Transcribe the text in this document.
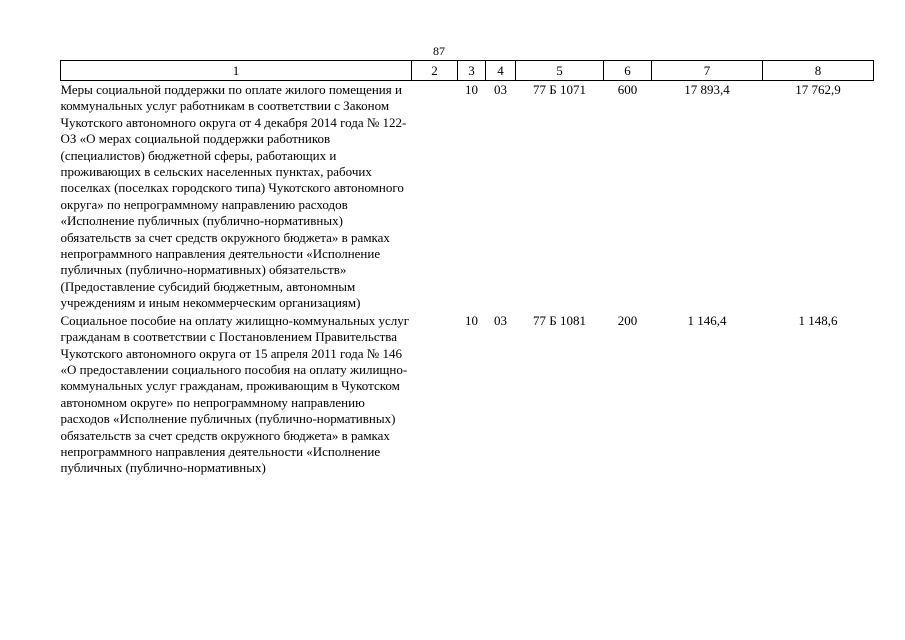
87
1	2	3	4	5	6	7	8
Меры социальной поддержки по оплате жилого помещения и коммунальных услуг работникам в соответствии с Законом Чукотского автономного округа от 4 декабря 2014 года № 122-ОЗ «О мерах социальной поддержки работников (специалистов) бюджетной сферы, работающих и проживающих в сельских населенных пунктах, рабочих поселках (поселках городского типа) Чукотского автономного округа» по непрограммному направлению расходов «Исполнение публичных (публично-нормативных) обязательств за счет средств окружного бюджета» в рамках непрограммного направления деятельности «Исполнение публичных (публично-нормативных) обязательств» (Предоставление субсидий бюджетным, автономным учреждениям и иным некоммерческим организациям)		10	03	77 Б 1071	600	17 893,4	17 762,9
Социальное пособие на оплату жилищно-коммунальных услуг гражданам в соответствии с Постановлением Правительства Чукотского автономного округа от 15 апреля 2011 года № 146 «О предоставлении социального пособия на оплату жилищно-коммунальных услуг гражданам, проживающим в Чукотском автономном округе» по непрограммному направлению расходов «Исполнение публичных (публично-нормативных) обязательств за счет средств окружного бюджета» в рамках непрограммного направления деятельности «Исполнение публичных (публично-нормативных)		10	03	77 Б 1081	200	1 146,4	1 148,6
